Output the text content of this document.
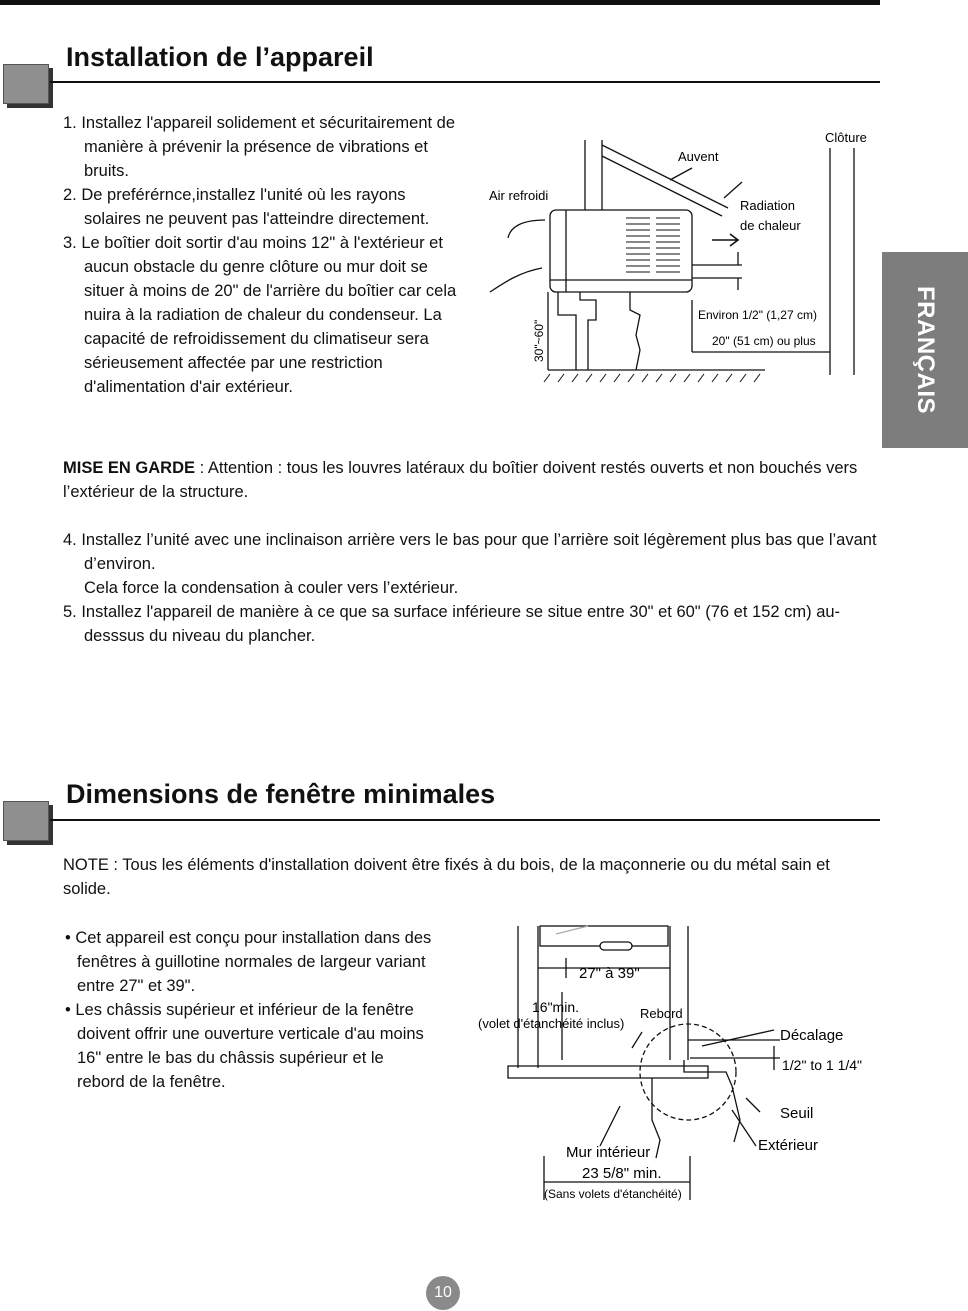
Installation de l’appareil

1. Installez l'appareil solidement et sécuritairement de manière à prévenir la présence de vibrations et bruits.

2. De preférérnce,installez l'unité où les rayons solaires ne peuvent pas l'atteindre directement.

3. Le boîtier doit sortir d'au moins 12" à l'extérieur et aucun obstacle du genre clôture ou mur doit se situer à moins de 20" de l'arrière du boîtier car cela nuira à la radiation de chaleur du condenseur. La capacité de refroidissement du climatiseur sera sérieusement affectée par une restriction d'alimentation d'air extérieur.

Clôture
Auvent
Air refroidi
Radiation
de chaleur
Environ 1/2" (1,27 cm)
20" (51 cm) ou plus
30"~60"	FRANÇAIS
MISE EN GARDE : Attention : tous les louvres latéraux du boîtier doivent restés ouverts et non bouchés vers l’extérieur de la structure.

4. Installez l’unité avec une inclinaison arrière vers le bas pour que l’arrière soit légèrement plus bas que l’avant d’environ.

Cela force la condensation à couler vers l’extérieur.

5. Installez l'appareil de manière à ce que sa surface inférieure se situe entre 30" et 60" (76 et 152 cm) au-desssus du niveau du plancher.

Dimensions de fenêtre minimales
NOTE : Tous les éléments d'installation doivent être fixés à du bois, de la maçonnerie ou du métal sain et solide.

• Cet appareil est conçu pour installation dans des fenêtres à guillotine normales de largeur variant entre 27" et 39".

• Les châssis supérieur et inférieur de la fenêtre doivent offrir une ouverture verticale d'au moins 16" entre le bas du châssis supérieur et le rebord de la fenêtre.

27" à 39"
16"min.
(volet d'étanchéité inclus)
Rebord
Décalage
1/2" to 1 1/4"
Seuil
Extérieur
Mur intérieur
23 5/8" min.
(Sans volets d'étanchéité)
10
